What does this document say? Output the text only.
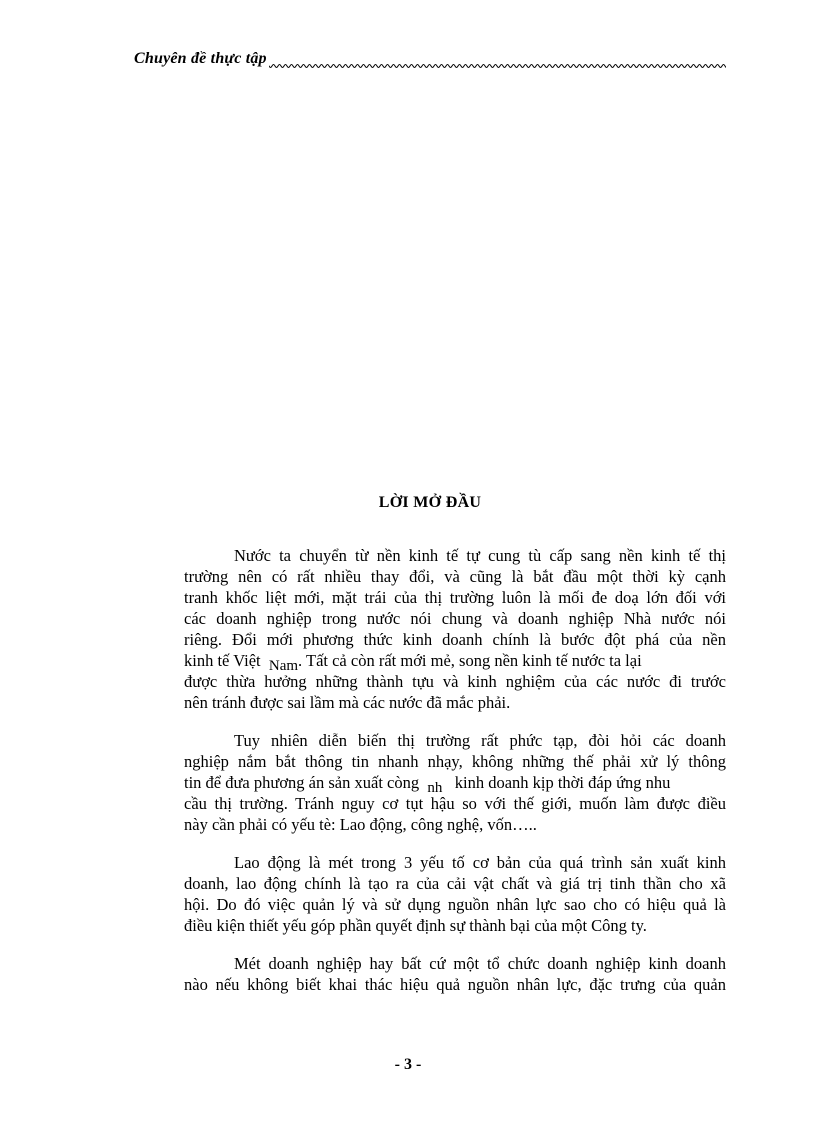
Chuyên đề thực tập
LỜI MỞ ĐẦU
Nước ta chuyển từ nền kinh tế tự cung tù cấp sang nền kinh tế thị
trường nên có rất nhiều thay đổi, và cũng là bắt đầu một thời kỳ cạnh
tranh khốc liệt mới, mặt trái của thị trường luôn là mối đe doạ lớn đối với
các doanh nghiệp trong nước nói chung và doanh nghiệp Nhà nước nói
riêng. Đổi mới phương thức kinh doanh chính là bước đột phá của nền
kinh tế Việt Nam. Tất cả còn rất mới mẻ, song nền kinh tế nước ta lại
được thừa hưởng những thành tựu và kinh nghiệm của các nước đi trước
nên tránh được sai lầm mà các nước đã mắc phải.
Tuy nhiên diễn biến thị trường rất phức tạp, đòi hỏi các doanh
nghiệp nắm bắt thông tin nhanh nhạy, không những thế phải xử lý thông
tin để đưa phương án sản xuất còng nh kinh doanh kịp thời đáp ứng nhu
cầu thị trường. Tránh nguy cơ tụt hậu so với thế giới, muốn làm được điều
này cần phải có yếu tè: Lao động, công nghệ, vốn…..
Lao động là mét trong 3 yếu tố cơ bản của quá trình sản xuất kinh
doanh, lao động chính là tạo ra của cải vật chất và giá trị tinh thần cho xã
hội. Do đó việc quản lý và sử dụng nguồn nhân lực sao cho có hiệu quả là
điều kiện thiết yếu góp phần quyết định sự thành bại của một Công ty.
Mét doanh nghiệp hay bất cứ một tổ chức doanh nghiệp kinh doanh
nào nếu không biết khai thác hiệu quả nguồn nhân lực, đặc trưng của quản
- 3 -
